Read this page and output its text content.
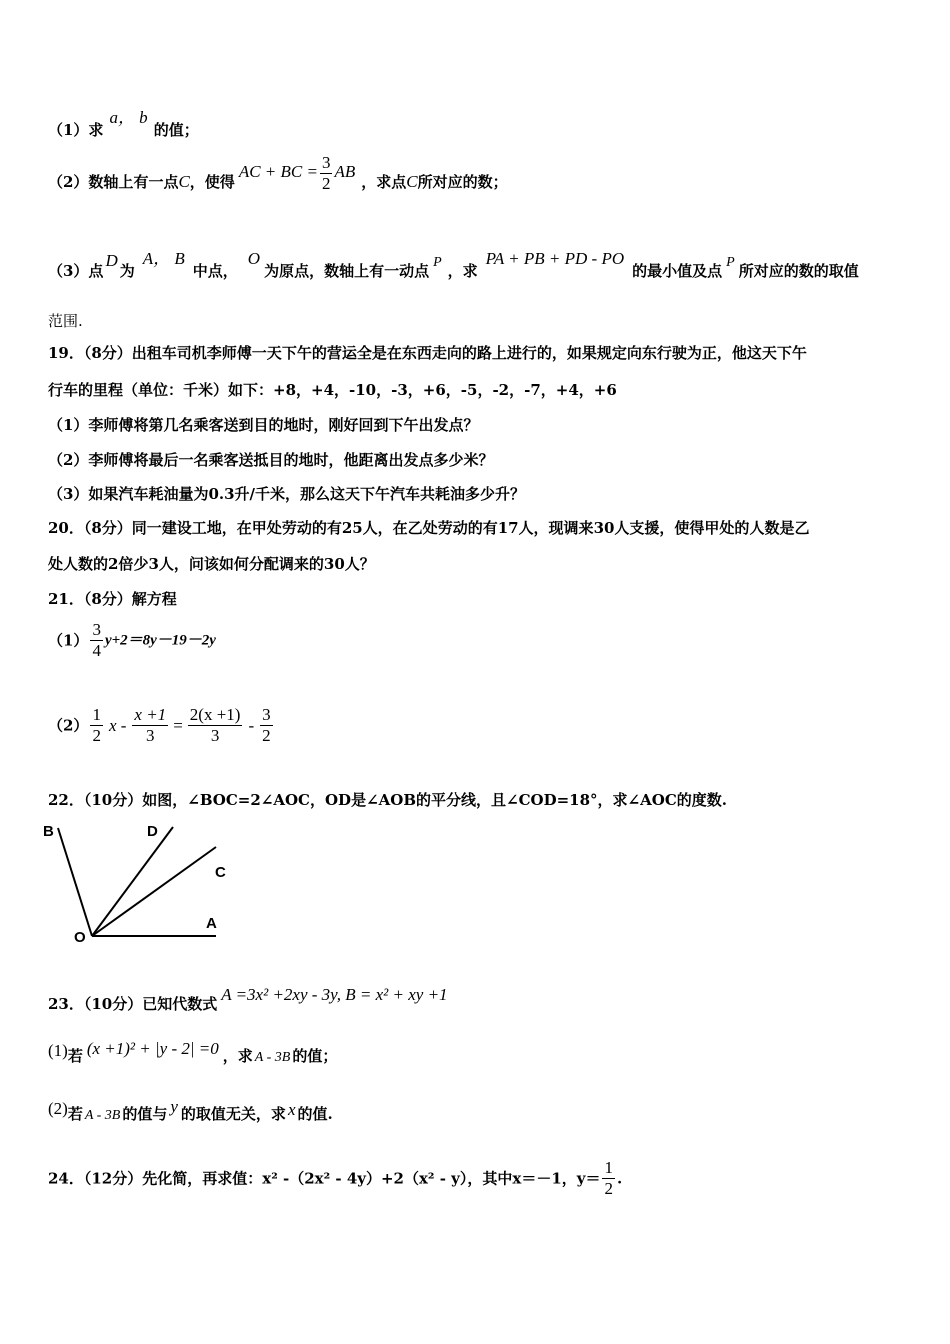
（1）求a， b的值；
（2）数轴上有一点C，使得AC + BC = $\frac{3}{2}$ AB，求点C所对应的数；
（3）点D为A， B中点，O为原点，数轴上有一动点 P ，求PA + PB + PD - PO的最小值及点 P 所对应的数的取值
范围.
19．（8分）出租车司机李师傅一天下午的营运全是在东西走向的路上进行的，如果规定向东行驶为正，他这天下午
行车的里程（单位：千米）如下：+8，+4，-10，-3，+6，-5，-2，-7，+4，+6
（1）李师傅将第几名乘客送到目的地时，刚好回到下午出发点？
（2）李师傅将最后一名乘客送抵目的地时，他距离出发点多少米？
（3）如果汽车耗油量为0.3升/千米，那么这天下午汽车共耗油多少升？
20．（8分）同一建设工地，在甲处劳动的有25人，在乙处劳动的有17人，现调来30人支援，使得甲处的人数是乙
处人数的2倍少3人，问该如何分配调来的30人？
21．（8分）解方程
$(1) \frac{3}{4} y+2=8y-19-2y$
$(2) \frac{1}{2}$ $x - \frac{x +1}{3} = \frac{2(x +1)}{3} - \frac{3}{2}$
22．（10分）如图，∠BOC=2∠AOC，OD是∠AOB的平分线，且∠COD=18°，求∠AOC的度数.
B	D
C
O
A
23．（10分）已知代数式 A =3x² +2xy - 3y, B = x² + xy +1
(1)若 (x +1)² + |y - 2| =0 ，求 A - 3B 的值；
(2)若 A - 3B 的值与 y 的取值无关，求 x 的值.
24．（12分）先化简，再求值：x² -（2x² - 4y）+2（x² - y），其中x＝－1，$y= \frac{1}{2}$ .
